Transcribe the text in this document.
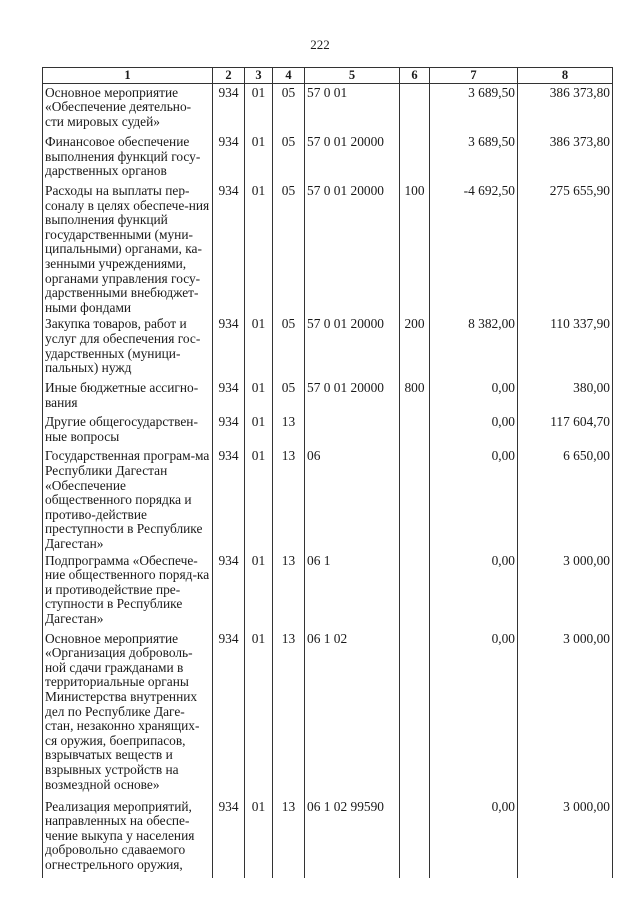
222
1	2	3	4	5	6	7	8
Основное мероприятие «Обеспечение деятельно-сти мировых судей»	934	01	05	57 0 01		3 689,50	386 373,80
Финансовое обеспечение выполнения функций госу-дарственных органов	934	01	05	57 0 01 20000		3 689,50	386 373,80
Расходы на выплаты пер-соналу в целях обеспече-ния выполнения функций государственными (муни-ципальными) органами, ка-зенными учреждениями, органами управления госу-дарственными внебюджет-ными фондами	934	01	05	57 0 01 20000	100	-4 692,50	275 655,90
Закупка товаров, работ и услуг для обеспечения гос-ударственных (муници-пальных) нужд	934	01	05	57 0 01 20000	200	8 382,00	110 337,90
Иные бюджетные ассигно-вания	934	01	05	57 0 01 20000	800	0,00	380,00
Другие общегосударствен-ные вопросы	934	01	13			0,00	117 604,70
Государственная програм-ма Республики Дагестан «Обеспечение общественного порядка и противо-действие преступности в Республике Дагестан»	934	01	13	06		0,00	6 650,00
Подпрограмма «Обеспече-ние общественного поряд-ка и противодействие пре-ступности в Республике Дагестан»	934	01	13	06 1		0,00	3 000,00
Основное мероприятие «Организация доброволь-ной сдачи гражданами в территориальные органы Министерства внутренних дел по Республике Даге-стан, незаконно хранящих-ся оружия, боеприпасов, взрывчатых веществ и взрывных устройств на возмездной основе»	934	01	13	06 1 02		0,00	3 000,00
Реализация мероприятий, направленных на обеспе-чение выкупа у населения добровольно сдаваемого огнестрельного оружия,	934	01	13	06 1 02 99590		0,00	3 000,00
